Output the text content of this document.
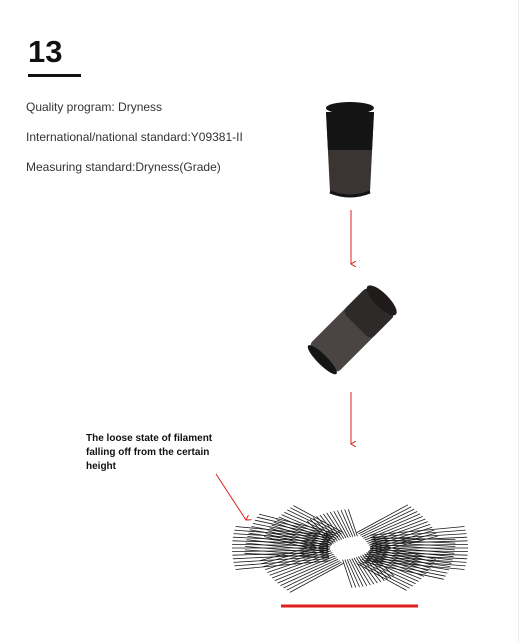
13
Quality program: Dryness
International/national standard:Y09381-II
Measuring standard:Dryness(Grade)
The loose state of filament falling off from the certain height
